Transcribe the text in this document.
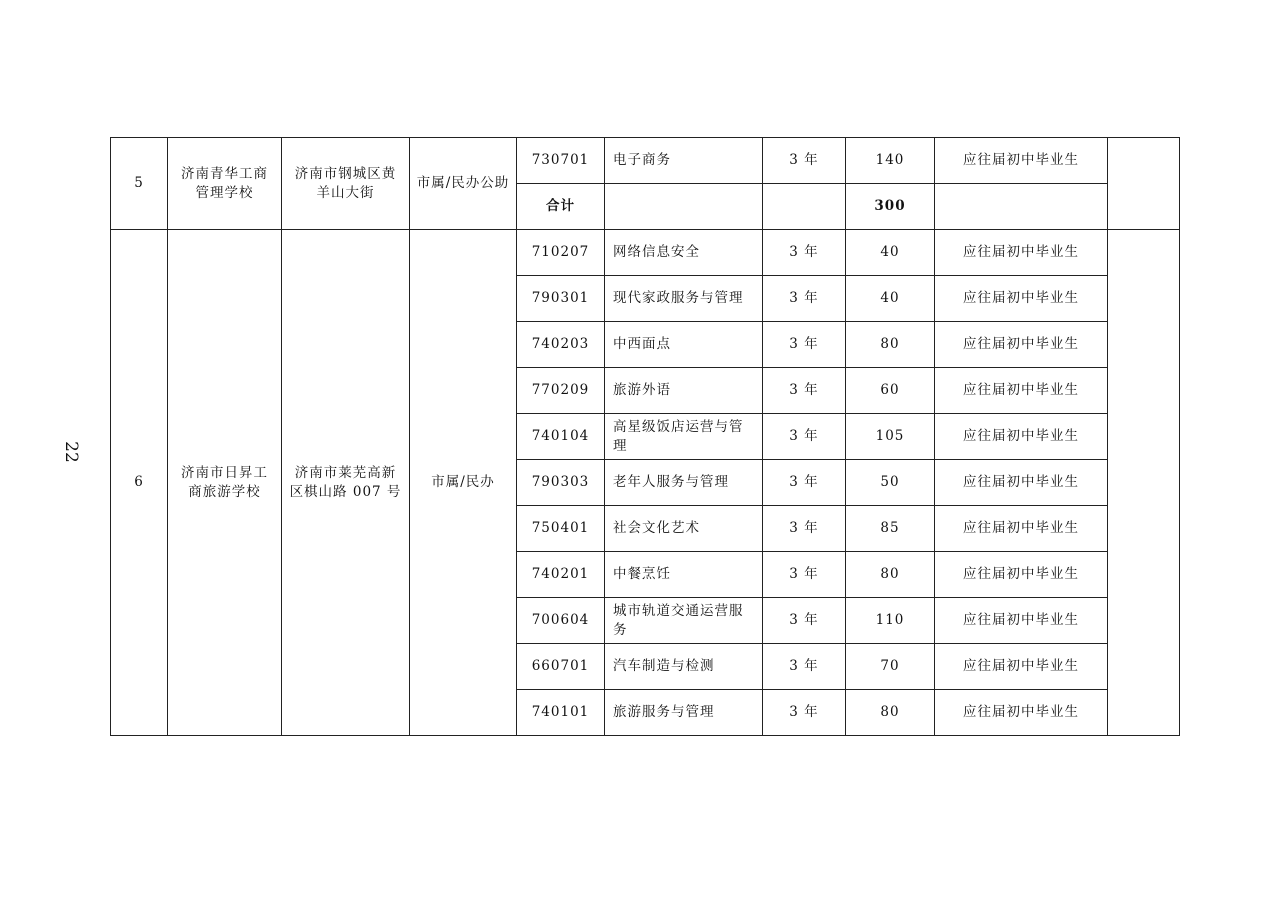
22
5	济南青华工商管理学校	济南市钢城区黄羊山大街	市属/民办公助	730701	电子商务	3 年	140	应往届初中毕业生	
				合计			300		
6	济南市日昇工商旅游学校	济南市莱芜高新区棋山路 007 号	市属/民办	710207	网络信息安全	3 年	40	应往届初中毕业生	
				790301	现代家政服务与管理	3 年	40	应往届初中毕业生	
				740203	中西面点	3 年	80	应往届初中毕业生	
				770209	旅游外语	3 年	60	应往届初中毕业生	
				740104	高星级饭店运营与管理	3 年	105	应往届初中毕业生	
				790303	老年人服务与管理	3 年	50	应往届初中毕业生	
				750401	社会文化艺术	3 年	85	应往届初中毕业生	
				740201	中餐烹饪	3 年	80	应往届初中毕业生	
				700604	城市轨道交通运营服务	3 年	110	应往届初中毕业生	
				660701	汽车制造与检测	3 年	70	应往届初中毕业生	
				740101	旅游服务与管理	3 年	80	应往届初中毕业生	
